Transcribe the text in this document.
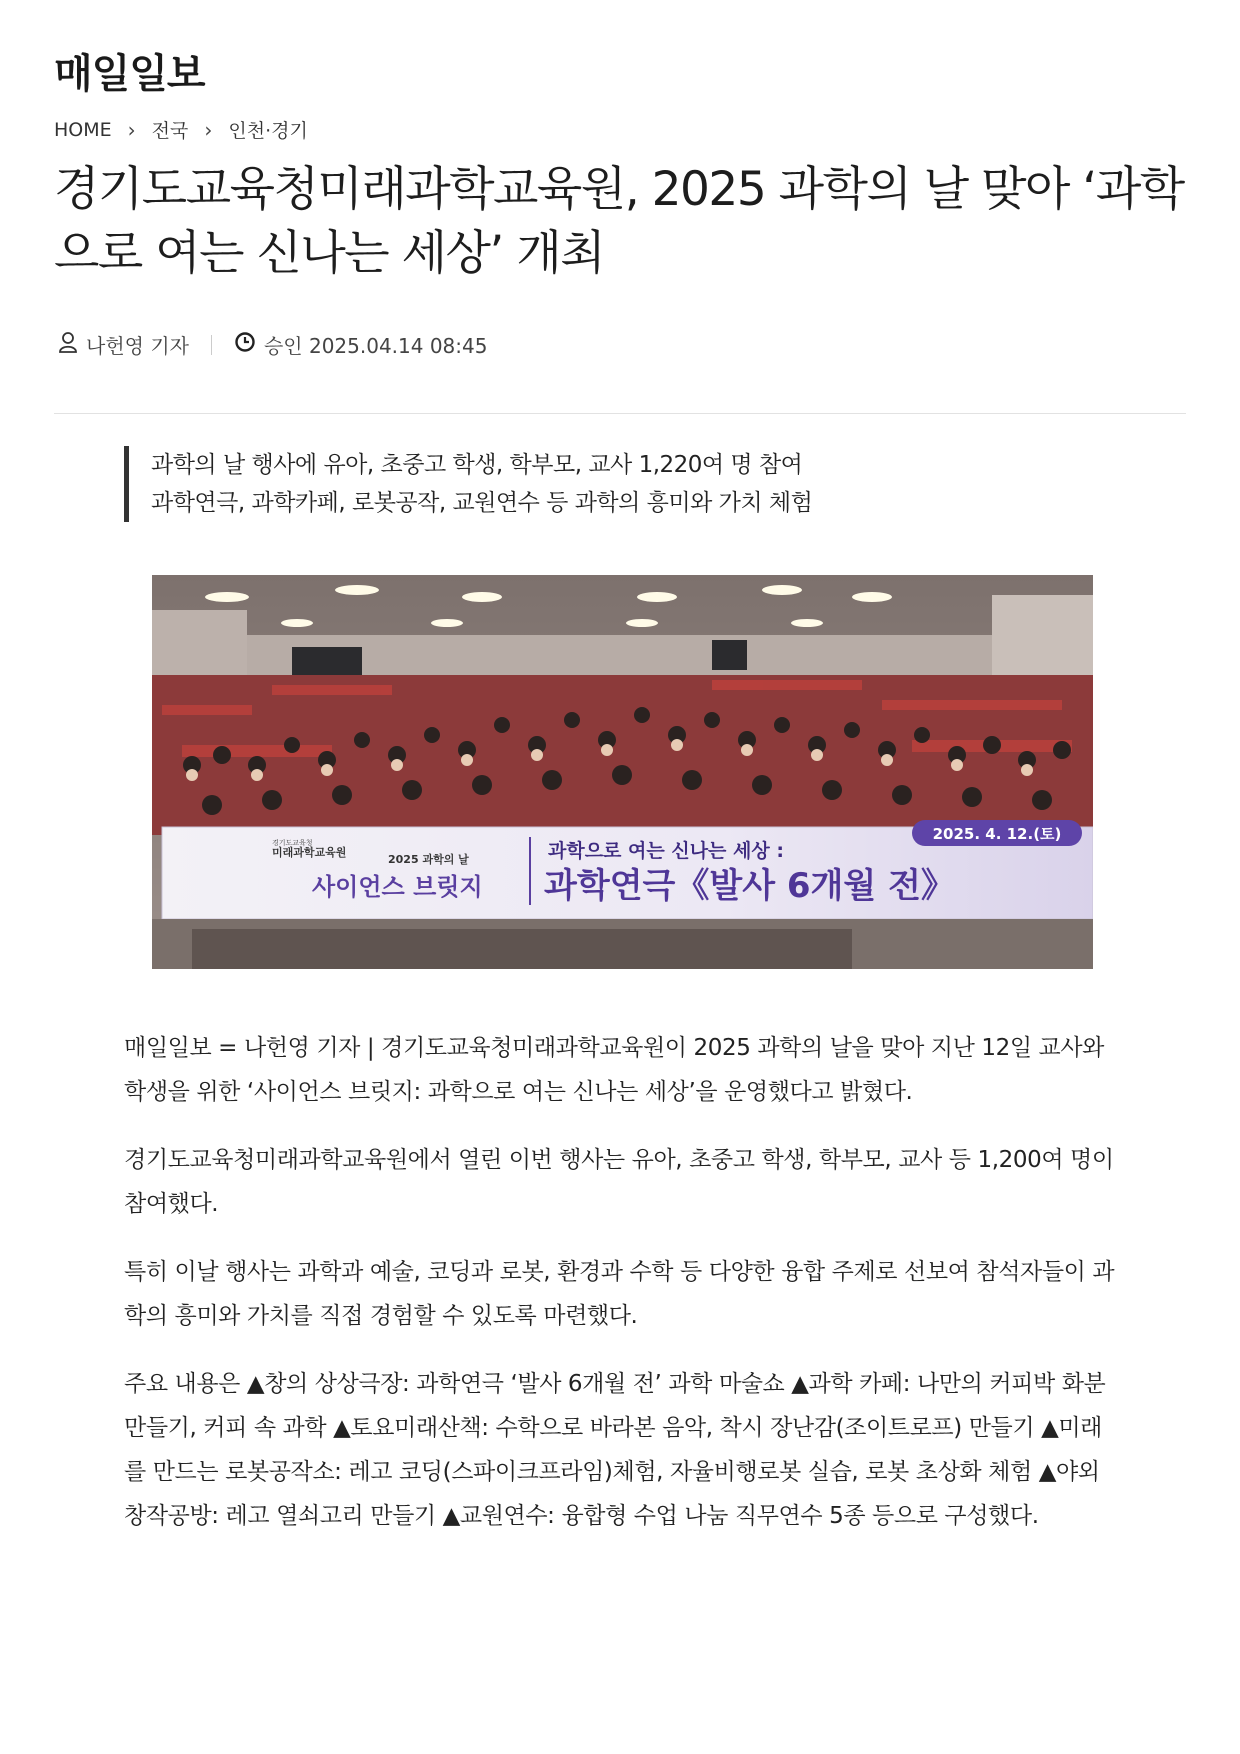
매일일보
HOME › 전국 › 인천·경기
경기도교육청미래과학교육원, 2025 과학의 날 맞아 ‘과학으로 여는 신나는 세상’ 개최
나헌영 기자	승인 2025.04.14 08:45
과학의 날 행사에 유아, 초중고 학생, 학부모, 교사 1,220여 명 참여
과학연극, 과학카페, 로봇공작, 교원연수 등 과학의 흥미와 가치 체험
경기도교육청
미래과학교육원
2025 과학의 날
사이언스 브릿지
과학으로 여는 신나는 세상 :
과학연극《발사 6개월 전》
2025. 4. 12.(토)

매일일보 = 나헌영 기자 | 경기도교육청미래과학교육원이 2025 과학의 날을 맞아 지난 12일 교사와 학생을 위한 ‘사이언스 브릿지: 과학으로 여는 신나는 세상’을 운영했다고 밝혔다.

경기도교육청미래과학교육원에서 열린 이번 행사는 유아, 초중고 학생, 학부모, 교사 등 1,200여 명이 참여했다.

특히 이날 행사는 과학과 예술, 코딩과 로봇, 환경과 수학 등 다양한 융합 주제로 선보여 참석자들이 과학의 흥미와 가치를 직접 경험할 수 있도록 마련했다.

주요 내용은 ▲창의 상상극장: 과학연극 ‘발사 6개월 전’ 과학 마술쇼 ▲과학 카페: 나만의 커피박 화분 만들기, 커피 속 과학 ▲토요미래산책: 수학으로 바라본 음악, 착시 장난감(조이트로프) 만들기 ▲미래를 만드는 로봇공작소: 레고 코딩(스파이크프라임)체험, 자율비행로봇 실습, 로봇 초상화 체험 ▲야외 창작공방: 레고 열쇠고리 만들기 ▲교원연수: 융합형 수업 나눔 직무연수 5종 등으로 구성했다.
